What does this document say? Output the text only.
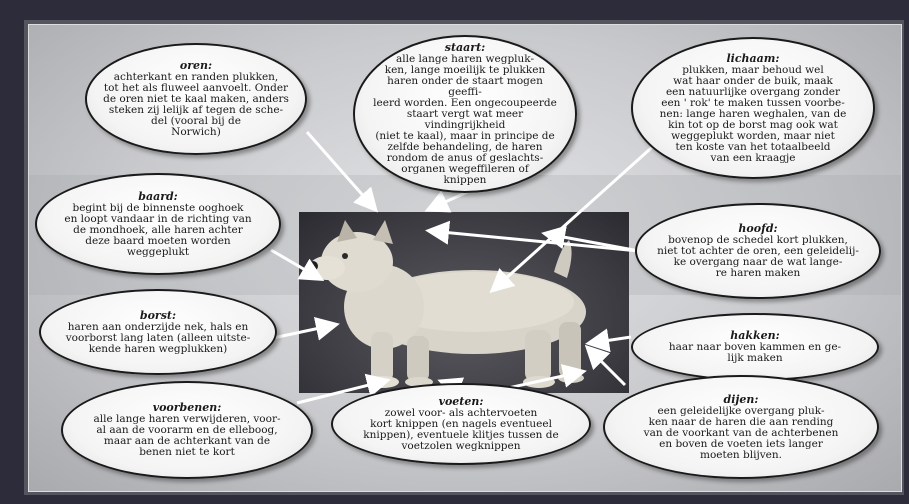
oren:
achterkant en randen plukken,
tot het als fluweel aanvoelt. Onder
de oren niet te kaal maken, anders
steken zij lelijk af tegen de sche-
del (vooral bij de
Norwich)
staart:
alle lange haren wegpluk-
ken, lange moeilijk te plukken
haren onder de staart mogen geeffi-
leerd worden. Een ongecoupeerde
staart vergt wat meer vindingrijkheid
(niet te kaal), maar in principe de
zelfde behandeling, de haren
rondom de anus of geslachts-
organen wegeffileren of
knippen
lichaam:
plukken, maar behoud wel
wat haar onder de buik, maak
een natuurlijke overgang zonder
een ' rok' te maken tussen voorbe-
nen: lange haren weghalen, van de
kin tot op de borst mag ook wat
weggeplukt worden, maar niet
ten koste van het totaalbeeld
van een kraagje
baard:
begint bij de binnenste ooghoek
en loopt vandaar in de richting van
de mondhoek, alle haren achter
deze baard moeten worden
weggeplukt
hoofd:
bovenop de schedel kort plukken,
niet tot achter de oren, een geleidelij-
ke overgang naar de wat lange-
re haren maken
borst:
haren aan onderzijde nek, hals en
voorborst lang laten (alleen uitste-
kende haren wegplukken)
hakken:
haar naar boven kammen en ge-
lijk maken
voorbenen:
alle lange haren verwijderen, voor-
al aan de voorarm en de elleboog,
maar aan de achterkant van de
benen niet te kort
voeten:
zowel voor- als achtervoeten
kort knippen (en nagels eventueel
knippen), eventuele klitjes tussen de
voetzolen wegknippen
dijen:
een geleidelijke overgang pluk-
ken naar de haren die aan rending
van de voorkant van de achterbenen
en boven de voeten iets langer
moeten blijven.
